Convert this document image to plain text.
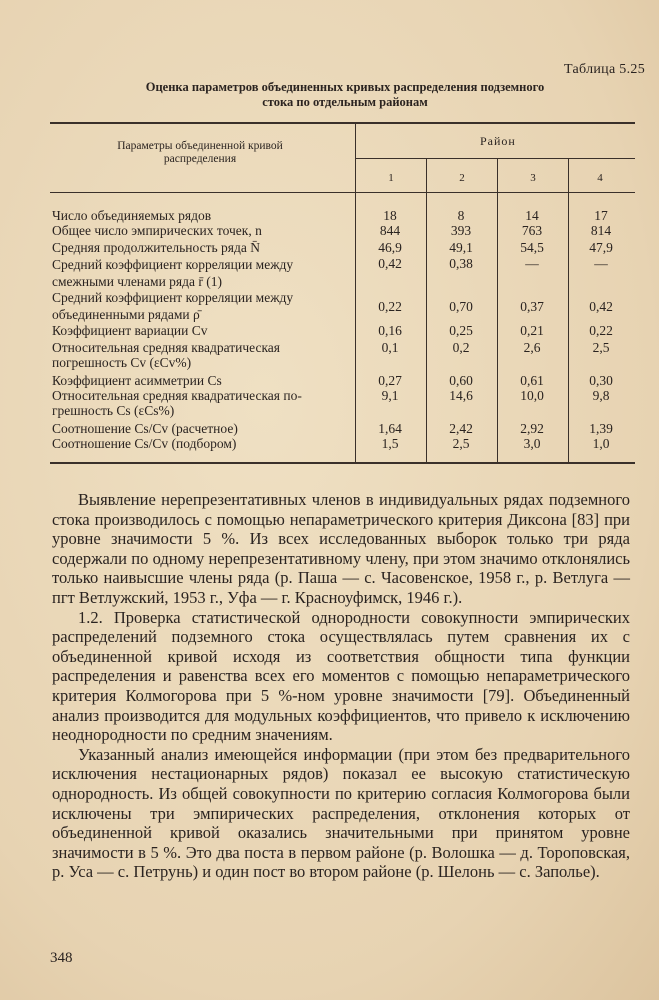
Таблица 5.25
Оценка параметров объединенных кривых распределения подземного
стока по отдельным районам
Параметры объединенной кривой
распределения
Район
1	2	3	4
Число объединяемых рядов	18	8	14	17
Общее число эмпирических точек, n	844	393	763	814
Средняя продолжительность ряда N̄	46,9	49,1	54,5	47,9
Средний коэффициент корреляции между
смежными членами ряда r̄ (1)
0,42	0,38	—	—
Средний коэффициент корреляции между
объединенными рядами ρ̄
0,22	0,70	0,37	0,42
Коэффициент вариации Cv	0,16	0,25	0,21	0,22
Относительная средняя квадратическая
погрешность Cv (εCv%)
0,1	0,2	2,6	2,5
Коэффициент асимметрии Cs	0,27	0,60	0,61	0,30
Относительная средняя квадратическая по-
грешность Cs (εCs%)
9,1	14,6	10,0	9,8
Соотношение Cs/Cv (расчетное)	1,64	2,42	2,92	1,39
Соотношение Cs/Cv (подбором)	1,5	2,5	3,0	1,0

Выявление нерепрезентативных членов в индивидуальных рядах подземного стока производилось с помощью непараметрического критерия Диксона [83] при уровне значимости 5 %. Из всех исследованных выборок только три ряда содержали по одному нерепрезентативному члену, при этом значимо отклонялись только наивысшие члены ряда (р. Паша — с. Часовенское, 1958 г., р. Ветлуга — пгт Ветлужский, 1953 г., Уфа — г. Красноуфимск, 1946 г.).

1.2. Проверка статистической однородности совокупности эмпирических распределений подземного стока осуществлялась путем сравнения их с объединенной кривой исходя из соответствия общности типа функции распределения и равенства всех его моментов с помощью непараметрического критерия Колмогорова при 5 %-ном уровне значимости [79]. Объединенный анализ производится для модульных коэффициентов, что привело к исключению неоднородности по средним значениям.

Указанный анализ имеющейся информации (при этом без предварительного исключения нестационарных рядов) показал ее высокую статистическую однородность. Из общей совокупности по критерию согласия Колмогорова были исключены три эмпирических распределения, отклонения которых от объединенной кривой оказались значительными при принятом уровне значимости в 5 %. Это два поста в первом районе (р. Волошка — д. Тороповская, р. Уса — с. Петрунь) и один пост во втором районе (р. Шелонь — с. Заполье).

348
